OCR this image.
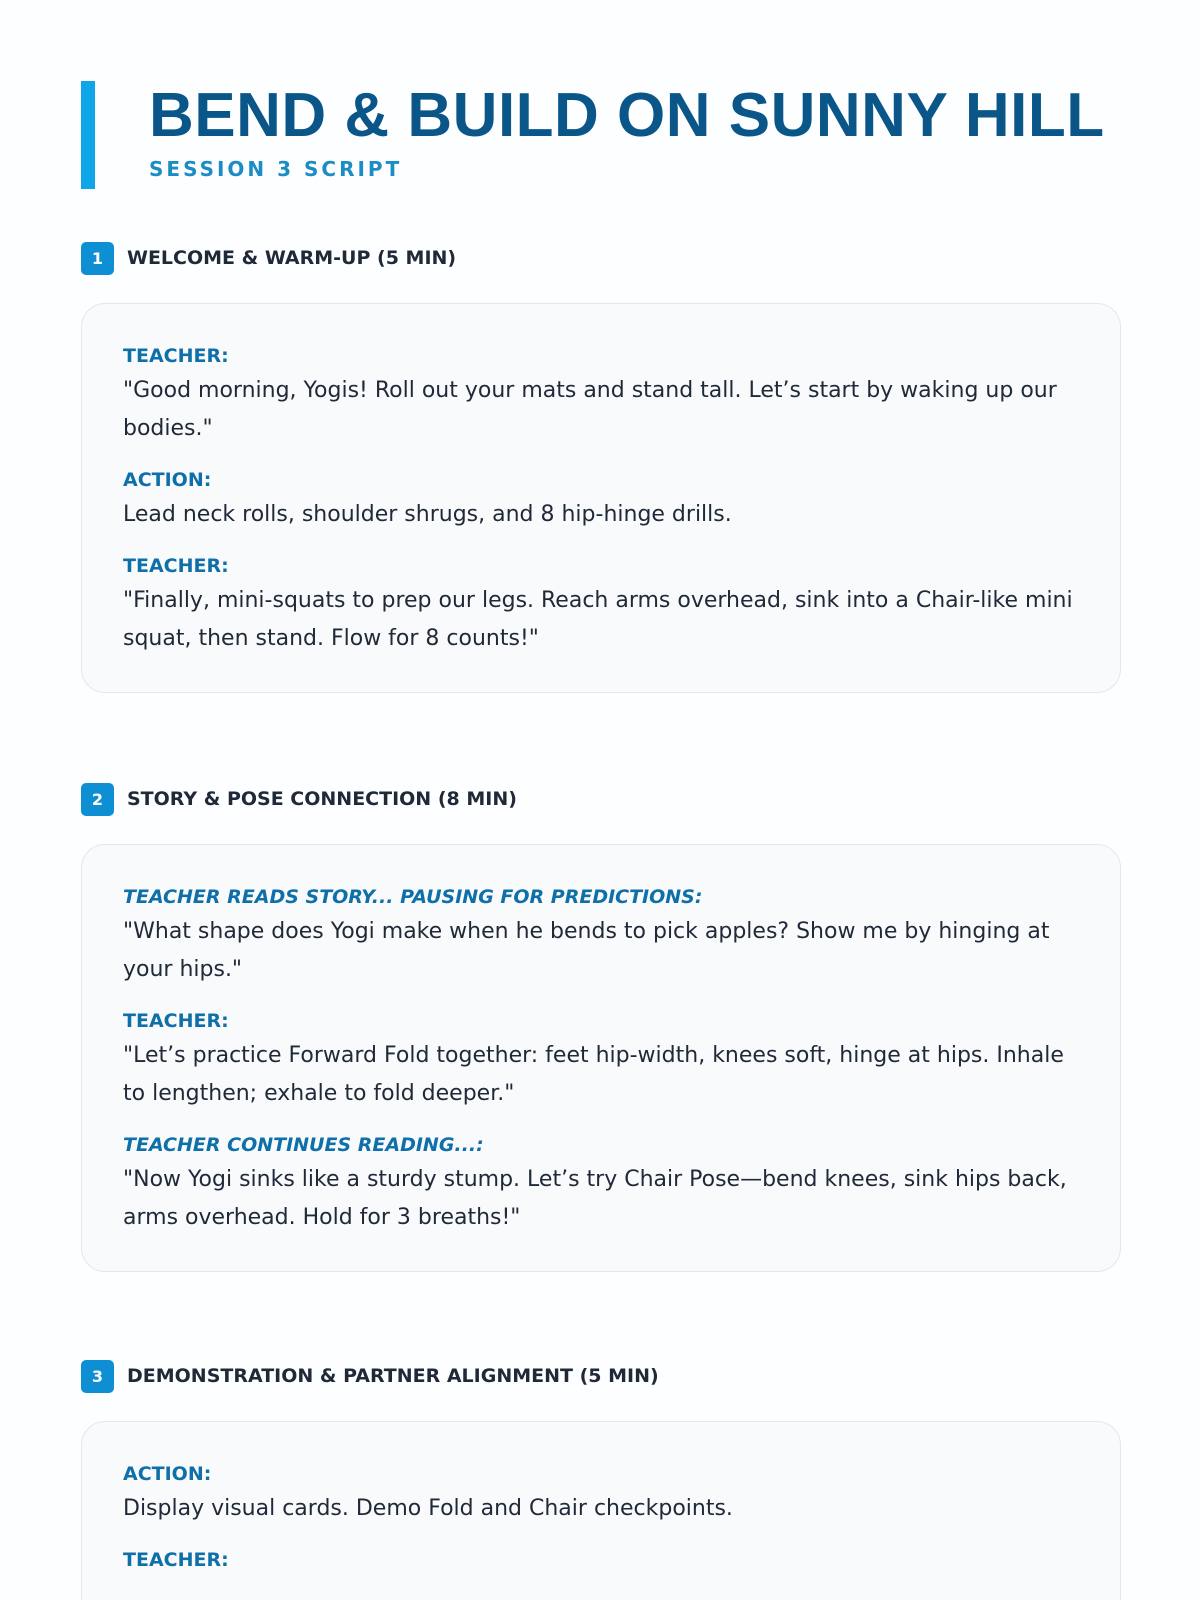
BEND & BUILD ON SUNNY HILL
SESSION 3 SCRIPT
1	WELCOME & WARM-UP (5 MIN)

TEACHER:

"Good morning, Yogis! Roll out your mats and stand tall. Let’s start by waking up our bodies."

ACTION:

Lead neck rolls, shoulder shrugs, and 8 hip-hinge drills.

TEACHER:

"Finally, mini-squats to prep our legs. Reach arms overhead, sink into a Chair-like mini squat, then stand. Flow for 8 counts!"

2	STORY & POSE CONNECTION (8 MIN)

TEACHER READS STORY... PAUSING FOR PREDICTIONS:

"What shape does Yogi make when he bends to pick apples? Show me by hinging at your hips."

TEACHER:

"Let’s practice Forward Fold together: feet hip-width, knees soft, hinge at hips. Inhale to lengthen; exhale to fold deeper."

TEACHER CONTINUES READING...:

"Now Yogi sinks like a sturdy stump. Let’s try Chair Pose—bend knees, sink hips back, arms overhead. Hold for 3 breaths!"

3	DEMONSTRATION & PARTNER ALIGNMENT (5 MIN)

ACTION:

Display visual cards. Demo Fold and Chair checkpoints.

TEACHER:
